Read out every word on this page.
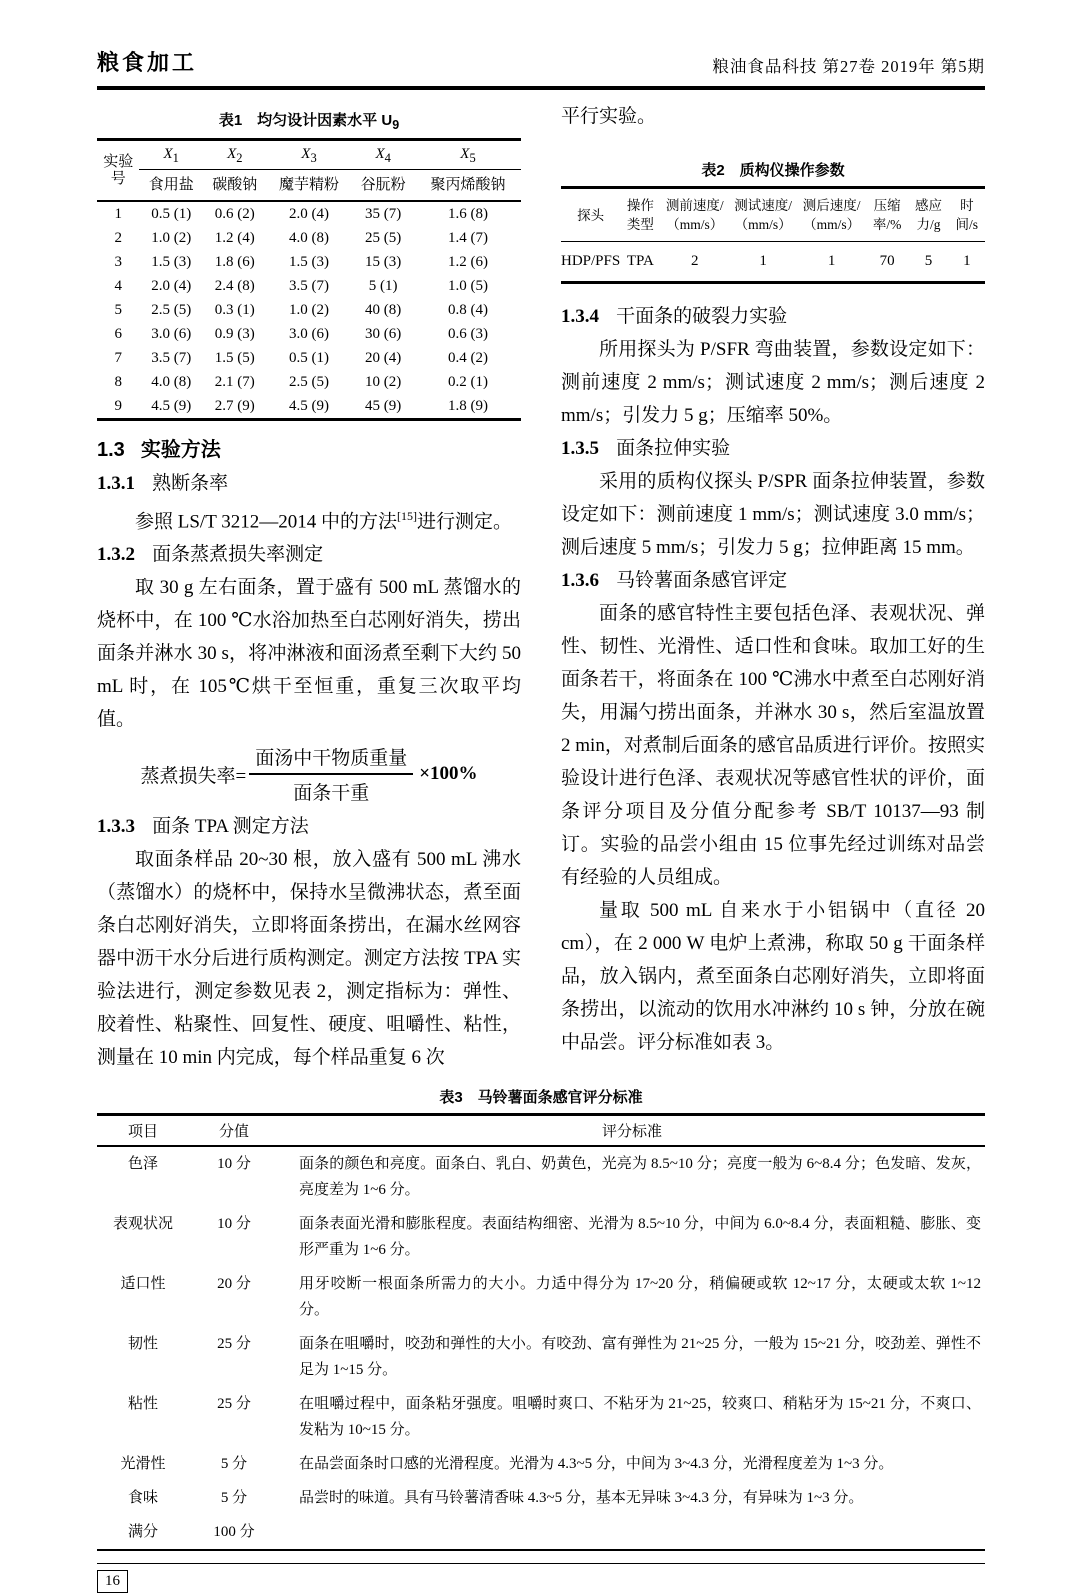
粮食加工	粮油食品科技 第27卷 2019年 第5期
表1　均匀设计因素水平 $U_9$
实验
号	$X_1$	$X_2$	$X_3$	$X_4$	$X_5$
	食用盐	碳酸钠	魔芋精粉	谷朊粉	聚丙烯酸钠
1	0.5 (1)	0.6 (2)	2.0 (4)	35 (7)	1.6 (8)
2	1.0 (2)	1.2 (4)	4.0 (8)	25 (5)	1.4 (7)
3	1.5 (3)	1.8 (6)	1.5 (3)	15 (3)	1.2 (6)
4	2.0 (4)	2.4 (8)	3.5 (7)	5 (1)	1.0 (5)
5	2.5 (5)	0.3 (1)	1.0 (2)	40 (8)	0.8 (4)
6	3.0 (6)	0.9 (3)	3.0 (6)	30 (6)	0.6 (3)
7	3.5 (7)	1.5 (5)	0.5 (1)	20 (4)	0.4 (2)
8	4.0 (8)	2.1 (7)	2.5 (5)	10 (2)	0.2 (1)
9	4.5 (9)	2.7 (9)	4.5 (9)	45 (9)	1.8 (9)
1.3 实验方法
1.3.1 熟断条率

参照 LS/T 3212—2014 中的方法[15]进行测定。

1.3.2 面条蒸煮损失率测定

取 30 g 左右面条，置于盛有 500 mL 蒸馏水的烧杯中，在 100 ℃水浴加热至白芯刚好消失，捞出面条并淋水 30 s，将冲淋液和面汤煮至剩下大约 50 mL 时，在 105℃烘干至恒重，重复三次取平均值。

蒸煮损失率= $\frac{\text{面汤中干物质重量}}{\text{面条干重}} \times 100\%$
1.3.3 面条 TPA 测定方法

取面条样品 20~30 根，放入盛有 500 mL 沸水（蒸馏水）的烧杯中，保持水呈微沸状态，煮至面条白芯刚好消失，立即将面条捞出，在漏水丝网容器中沥干水分后进行质构测定。测定方法按 TPA 实验法进行，测定参数见表 2，测定指标为：弹性、胶着性、粘聚性、回复性、硬度、咀嚼性、粘性，测量在 10 min 内完成，每个样品重复 6 次

平行实验。

表2　质构仪操作参数
探头	操作类型	测前速度/（mm/s）	测试速度/（mm/s）	测后速度/（mm/s）	压缩率/%	感应力/g	时间/s
HDP/PFS	TPA	2	1	1	70	5	1
1.3.4 干面条的破裂力实验

所用探头为 P/SFR 弯曲装置，参数设定如下：测前速度 2 mm/s；测试速度 2 mm/s；测后速度 2 mm/s；引发力 5 g；压缩率 50%。

1.3.5 面条拉伸实验

采用的质构仪探头 P/SPR 面条拉伸装置，参数设定如下：测前速度 1 mm/s；测试速度 3.0 mm/s；测后速度 5 mm/s；引发力 5 g；拉伸距离 15 mm。

1.3.6 马铃薯面条感官评定

面条的感官特性主要包括色泽、表观状况、弹性、韧性、光滑性、适口性和食味。取加工好的生面条若干，将面条在 100 ℃沸水中煮至白芯刚好消失，用漏勺捞出面条，并淋水 30 s，然后室温放置 2 min，对煮制后面条的感官品质进行评价。按照实验设计进行色泽、表观状况等感官性状的评价，面条评分项目及分值分配参考 SB/T 10137—93 制订。实验的品尝小组由 15 位事先经过训练对品尝有经验的人员组成。

量取 500 mL 自来水于小铝锅中（直径 20 cm），在 2 000 W 电炉上煮沸，称取 50 g 干面条样品，放入锅内，煮至面条白芯刚好消失，立即将面条捞出，以流动的饮用水冲淋约 10 s 钟，分放在碗中品尝。评分标准如表 3。

表3　马铃薯面条感官评分标准
项目	分值	评分标准
色泽	10 分	面条的颜色和亮度。面条白、乳白、奶黄色，光亮为 8.5~10 分；亮度一般为 6~8.4 分；色发暗、发灰，亮度差为 1~6 分。
表观状况	10 分	面条表面光滑和膨胀程度。表面结构细密、光滑为 8.5~10 分，中间为 6.0~8.4 分，表面粗糙、膨胀、变形严重为 1~6 分。
适口性	20 分	用牙咬断一根面条所需力的大小。力适中得分为 17~20 分，稍偏硬或软 12~17 分，太硬或太软 1~12 分。
韧性	25 分	面条在咀嚼时，咬劲和弹性的大小。有咬劲、富有弹性为 21~25 分，一般为 15~21 分，咬劲差、弹性不足为 1~15 分。
粘性	25 分	在咀嚼过程中，面条粘牙强度。咀嚼时爽口、不粘牙为 21~25，较爽口、稍粘牙为 15~21 分，不爽口、发粘为 10~15 分。
光滑性	5 分	在品尝面条时口感的光滑程度。光滑为 4.3~5 分，中间为 3~4.3 分，光滑程度差为 1~3 分。
食味	5 分	品尝时的味道。具有马铃薯清香味 4.3~5 分，基本无异味 3~4.3 分，有异味为 1~3 分。
满分	100 分	
16
